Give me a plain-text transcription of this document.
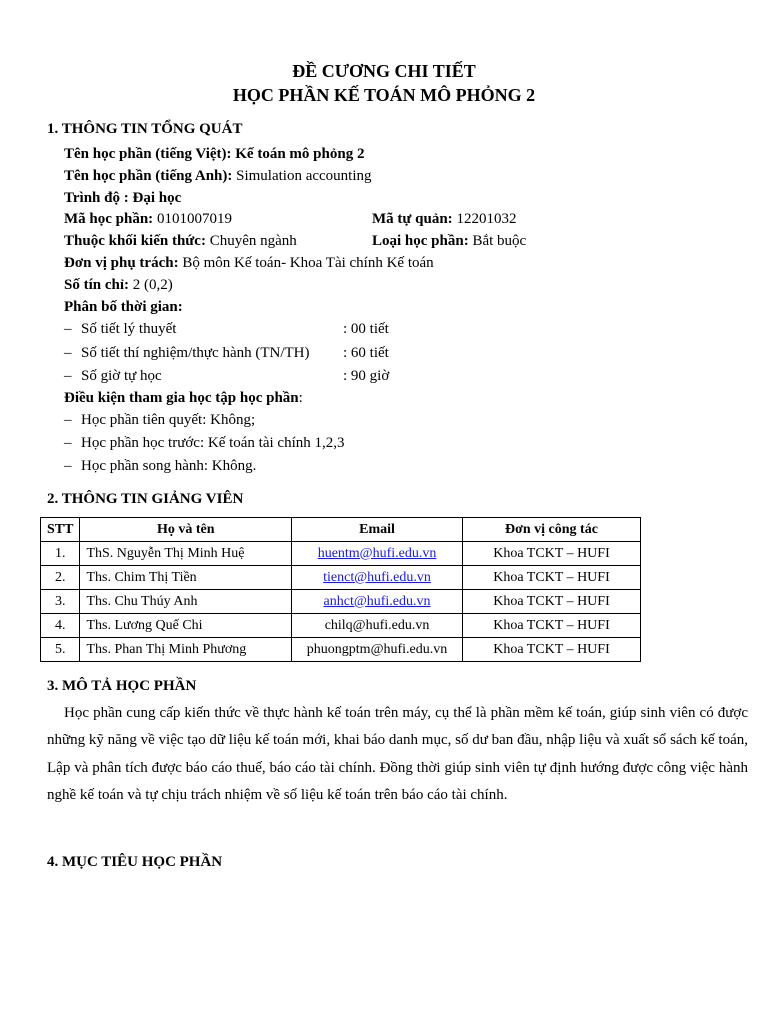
ĐỀ CƯƠNG CHI TIẾT
HỌC PHẦN KẾ TOÁN MÔ PHỎNG 2
1. THÔNG TIN TỔNG QUÁT
Tên học phần (tiếng Việt): Kế toán mô phỏng 2
Tên học phần (tiếng Anh): Simulation accounting
Trình độ : Đại học
Mã học phần: 0101007019	Mã tự quản: 12201032
Thuộc khối kiến thức: Chuyên ngành	Loại học phần: Bắt buộc
Đơn vị phụ trách: Bộ môn Kế toán- Khoa Tài chính Kế toán
Số tín chỉ: 2 (0,2)
Phân bố thời gian:
– Số tiết lý thuyết	: 00 tiết
– Số tiết thí nghiệm/thực hành (TN/TH) : 60 tiết
– Số giờ tự học	: 90 giờ
Điều kiện tham gia học tập học phần:
– Học phần tiên quyết: Không;
– Học phần học trước: Kế toán tài chính 1,2,3
– Học phần song hành: Không.
2. THÔNG TIN GIẢNG VIÊN
STT	Họ và tên	Email	Đơn vị công tác
1.	ThS. Nguyễn Thị Minh Huệ	huentm@hufi.edu.vn	Khoa TCKT – HUFI
2.	Ths. Chim Thị Tiền	tienct@hufi.edu.vn	Khoa TCKT – HUFI
3.	Ths. Chu Thúy Anh	anhct@hufi.edu.vn	Khoa TCKT – HUFI
4.	Ths. Lương Quế Chi	chilq@hufi.edu.vn	Khoa TCKT – HUFI
5.	Ths. Phan Thị Minh Phương	phuongptm@hufi.edu.vn	Khoa TCKT – HUFI
3. MÔ TẢ HỌC PHẦN

Học phần cung cấp kiến thức về thực hành kế toán trên máy, cụ thể là phần mềm kế toán, giúp sinh viên có được những kỹ năng về việc tạo dữ liệu kế toán mới, khai báo danh mục, số dư ban đầu, nhập liệu và xuất sổ sách kế toán, Lập và phân tích được báo cáo thuế, báo cáo tài chính. Đồng thời giúp sinh viên tự định hướng được công việc hành nghề kế toán và tự chịu trách nhiệm về số liệu kế toán trên báo cáo tài chính.

4. MỤC TIÊU HỌC PHẦN
